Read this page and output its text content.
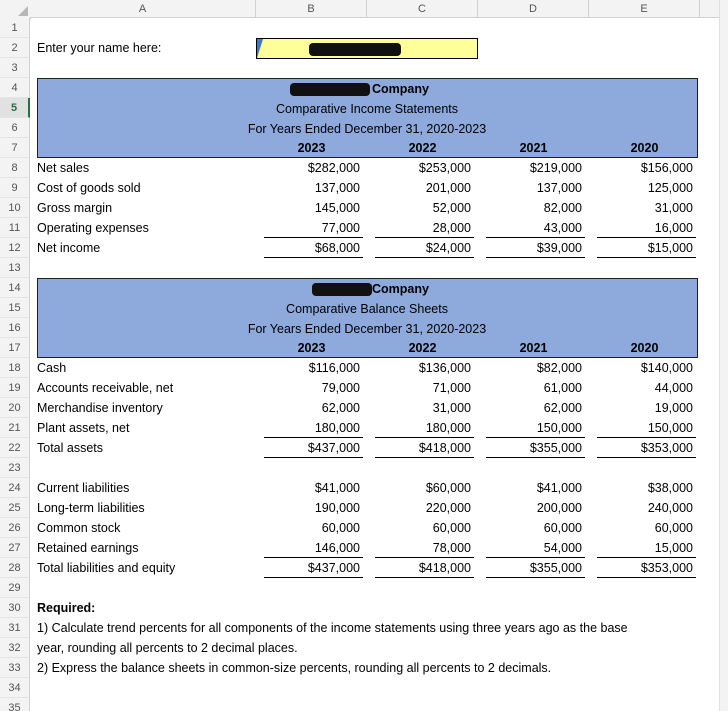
A	B	C	D	E
1
2
3
4
5
6
7
8
9
10
11
12
13
14
15
16
17
18
19
20
21
22
23
24
25
26
27
28
29
30
31
32
33
34
35
Enter your name here:
Company
Comparative Income Statements
For Years Ended December 31, 2020-2023
2023	2022	2021	2020
Net sales	$282,000	$253,000	$219,000	$156,000
Cost of goods sold	137,000	201,000	137,000	125,000
Gross margin	145,000	52,000	82,000	31,000
Operating expenses	77,000	28,000	43,000	16,000
Net income	$68,000	$24,000	$39,000	$15,000
Company
Comparative Balance Sheets
For Years Ended December 31, 2020-2023
2023	2022	2021	2020
Cash	$116,000	$136,000	$82,000	$140,000
Accounts receivable, net	79,000	71,000	61,000	44,000
Merchandise inventory	62,000	31,000	62,000	19,000
Plant assets, net	180,000	180,000	150,000	150,000
Total assets	$437,000	$418,000	$355,000	$353,000
Current liabilities	$41,000	$60,000	$41,000	$38,000
Long-term liabilities	190,000	220,000	200,000	240,000
Common stock	60,000	60,000	60,000	60,000
Retained earnings	146,000	78,000	54,000	15,000
Total liabilities and equity	$437,000	$418,000	$355,000	$353,000
Required:
1) Calculate trend percents for all components of the income statements using three years ago as the base
year, rounding all percents to 2 decimal places.
2) Express the balance sheets in common-size percents, rounding all percents to 2 decimals.
